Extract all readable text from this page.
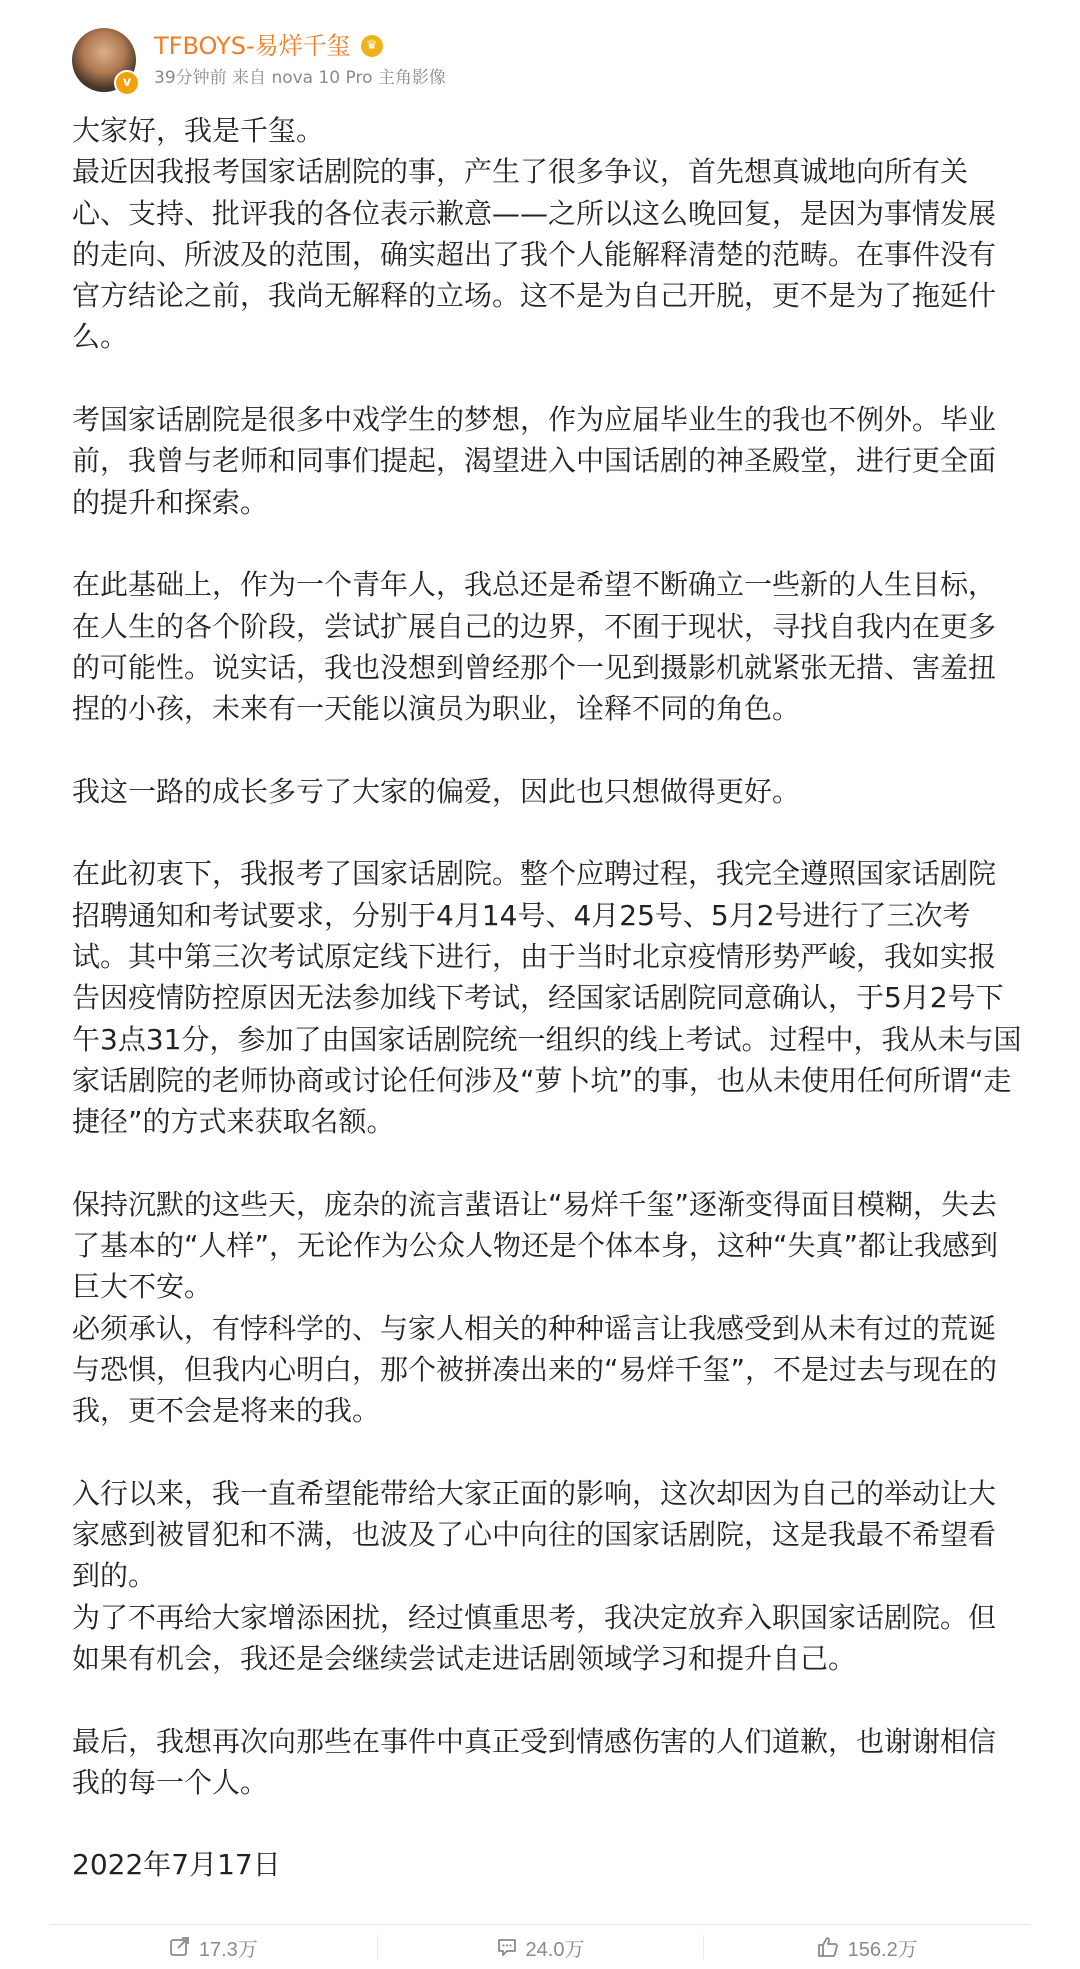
v
TFBOYS-易烊千玺	♛
39分钟前 来自 nova 10 Pro 主角影像

大家好，我是千玺。

最近因我报考国家话剧院的事，产生了很多争议，首先想真诚地向所有关心、支持、批评我的各位表示歉意——之所以这么晚回复，是因为事情发展的走向、所波及的范围，确实超出了我个人能解释清楚的范畴。在事件没有官方结论之前，我尚无解释的立场。这不是为自己开脱，更不是为了拖延什么。

考国家话剧院是很多中戏学生的梦想，作为应届毕业生的我也不例外。毕业前，我曾与老师和同事们提起，渴望进入中国话剧的神圣殿堂，进行更全面的提升和探索。

在此基础上，作为一个青年人，我总还是希望不断确立一些新的人生目标，在人生的各个阶段，尝试扩展自己的边界，不囿于现状，寻找自我内在更多的可能性。说实话，我也没想到曾经那个一见到摄影机就紧张无措、害羞扭捏的小孩，未来有一天能以演员为职业，诠释不同的角色。

我这一路的成长多亏了大家的偏爱，因此也只想做得更好。

在此初衷下，我报考了国家话剧院。整个应聘过程，我完全遵照国家话剧院招聘通知和考试要求，分别于4月14号、4月25号、5月2号进行了三次考试。其中第三次考试原定线下进行，由于当时北京疫情形势严峻，我如实报告因疫情防控原因无法参加线下考试，经国家话剧院同意确认，于5月2号下午3点31分，参加了由国家话剧院统一组织的线上考试。过程中，我从未与国家话剧院的老师协商或讨论任何涉及“萝卜坑”的事，也从未使用任何所谓“走捷径”的方式来获取名额。

保持沉默的这些天，庞杂的流言蜚语让“易烊千玺”逐渐变得面目模糊，失去了基本的“人样”，无论作为公众人物还是个体本身，这种“失真”都让我感到巨大不安。

必须承认，有悖科学的、与家人相关的种种谣言让我感受到从未有过的荒诞与恐惧，但我内心明白，那个被拼凑出来的“易烊千玺”，不是过去与现在的我，更不会是将来的我。

入行以来，我一直希望能带给大家正面的影响，这次却因为自己的举动让大家感到被冒犯和不满，也波及了心中向往的国家话剧院，这是我最不希望看到的。

为了不再给大家增添困扰，经过慎重思考，我决定放弃入职国家话剧院。但如果有机会，我还是会继续尝试走进话剧领域学习和提升自己。

最后，我想再次向那些在事件中真正受到情感伤害的人们道歉，也谢谢相信我的每一个人。

2022年7月17日

17.3万	24.0万	156.2万
